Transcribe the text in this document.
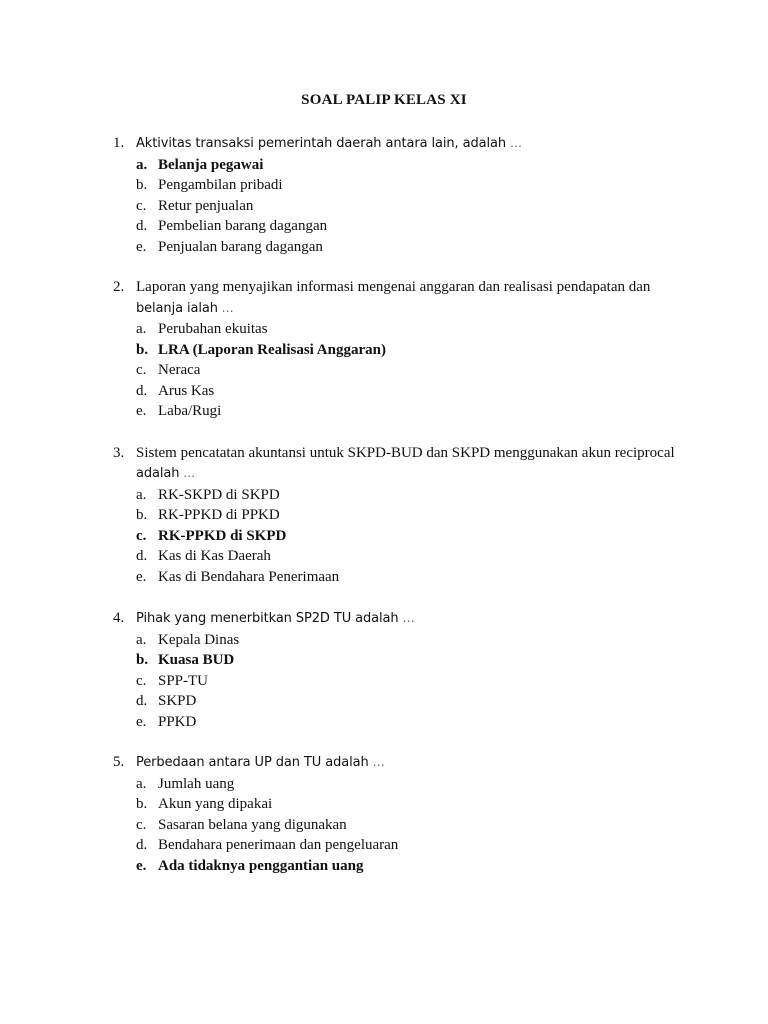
SOAL PALIP KELAS XI
1. Aktivitas transaksi pemerintah daerah antara lain, adalah …
a. Belanja pegawai
b. Pengambilan pribadi
c. Retur penjualan
d. Pembelian barang dagangan
e. Penjualan barang dagangan
2. Laporan yang menyajikan informasi mengenai anggaran dan realisasi pendapatan dan
belanja ialah …
a. Perubahan ekuitas
b. LRA (Laporan Realisasi Anggaran)
c. Neraca
d. Arus Kas
e. Laba/Rugi
3. Sistem pencatatan akuntansi untuk SKPD-BUD dan SKPD menggunakan akun reciprocal
adalah …
a. RK-SKPD di SKPD
b. RK-PPKD di PPKD
c. RK-PPKD di SKPD
d. Kas di Kas Daerah
e. Kas di Bendahara Penerimaan
4. Pihak yang menerbitkan SP2D TU adalah …
a. Kepala Dinas
b. Kuasa BUD
c. SPP-TU
d. SKPD
e. PPKD
5. Perbedaan antara UP dan TU adalah …
a. Jumlah uang
b. Akun yang dipakai
c. Sasaran belana yang digunakan
d. Bendahara penerimaan dan pengeluaran
e. Ada tidaknya penggantian uang
